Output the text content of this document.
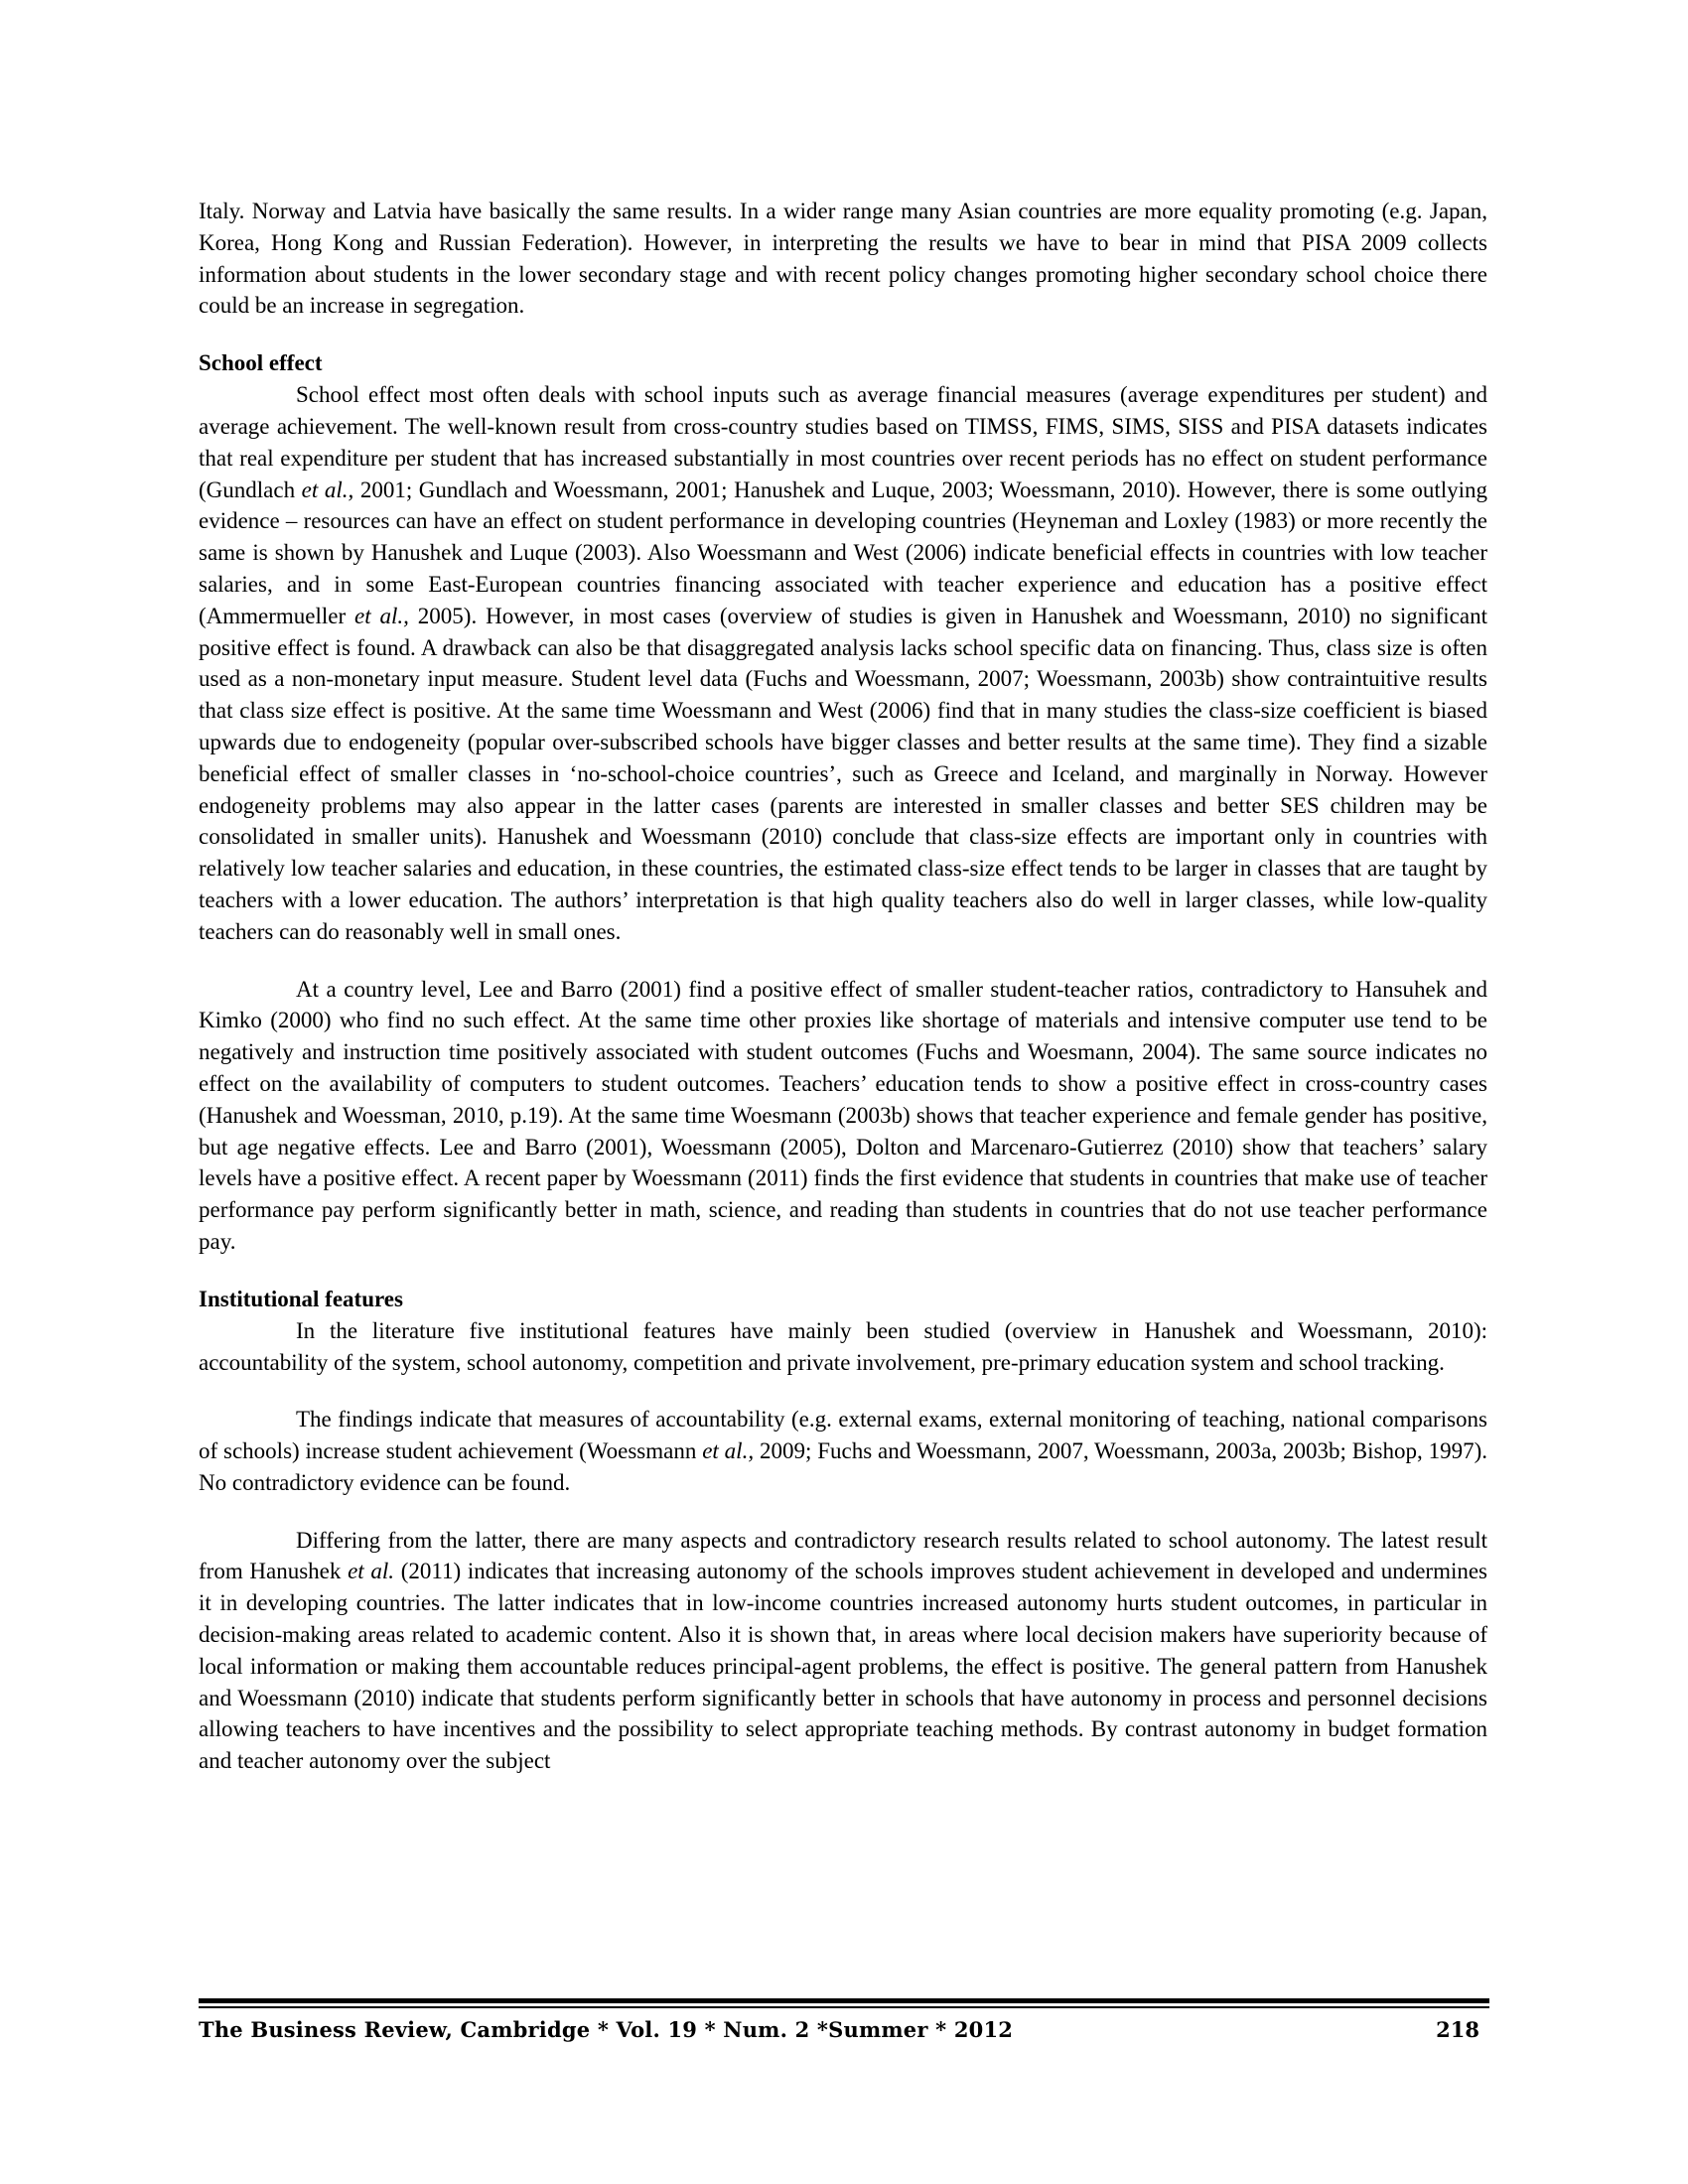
Italy. Norway and Latvia have basically the same results. In a wider range many Asian countries are more equality promoting (e.g. Japan, Korea, Hong Kong and Russian Federation). However, in interpreting the results we have to bear in mind that PISA 2009 collects information about students in the lower secondary stage and with recent policy changes promoting higher secondary school choice there could be an increase in segregation.

School effect

School effect most often deals with school inputs such as average financial measures (average expenditures per student) and average achievement. The well-known result from cross-country studies based on TIMSS, FIMS, SIMS, SISS and PISA datasets indicates that real expenditure per student that has increased substantially in most countries over recent periods has no effect on student performance (Gundlach et al., 2001; Gundlach and Woessmann, 2001; Hanushek and Luque, 2003; Woessmann, 2010). However, there is some outlying evidence – resources can have an effect on student performance in developing countries (Heyneman and Loxley (1983) or more recently the same is shown by Hanushek and Luque (2003). Also Woessmann and West (2006) indicate beneficial effects in countries with low teacher salaries, and in some East-European countries financing associated with teacher experience and education has a positive effect (Ammermueller et al., 2005). However, in most cases (overview of studies is given in Hanushek and Woessmann, 2010) no significant positive effect is found. A drawback can also be that disaggregated analysis lacks school specific data on financing. Thus, class size is often used as a non-monetary input measure. Student level data (Fuchs and Woessmann, 2007; Woessmann, 2003b) show contraintuitive results that class size effect is positive. At the same time Woessmann and West (2006) find that in many studies the class-size coefficient is biased upwards due to endogeneity (popular over-subscribed schools have bigger classes and better results at the same time). They find a sizable beneficial effect of smaller classes in ‘no-school-choice countries’, such as Greece and Iceland, and marginally in Norway. However endogeneity problems may also appear in the latter cases (parents are interested in smaller classes and better SES children may be consolidated in smaller units). Hanushek and Woessmann (2010) conclude that class-size effects are important only in countries with relatively low teacher salaries and education, in these countries, the estimated class-size effect tends to be larger in classes that are taught by teachers with a lower education. The authors’ interpretation is that high quality teachers also do well in larger classes, while low-quality teachers can do reasonably well in small ones.

At a country level, Lee and Barro (2001) find a positive effect of smaller student-teacher ratios, contradictory to Hansuhek and Kimko (2000) who find no such effect. At the same time other proxies like shortage of materials and intensive computer use tend to be negatively and instruction time positively associated with student outcomes (Fuchs and Woesmann, 2004). The same source indicates no effect on the availability of computers to student outcomes. Teachers’ education tends to show a positive effect in cross-country cases (Hanushek and Woessman, 2010, p.19). At the same time Woesmann (2003b) shows that teacher experience and female gender has positive, but age negative effects. Lee and Barro (2001), Woessmann (2005), Dolton and Marcenaro-Gutierrez (2010) show that teachers’ salary levels have a positive effect. A recent paper by Woessmann (2011) finds the first evidence that students in countries that make use of teacher performance pay perform significantly better in math, science, and reading than students in countries that do not use teacher performance pay.

Institutional features

In the literature five institutional features have mainly been studied (overview in Hanushek and Woessmann, 2010): accountability of the system, school autonomy, competition and private involvement, pre-primary education system and school tracking.

The findings indicate that measures of accountability (e.g. external exams, external monitoring of teaching, national comparisons of schools) increase student achievement (Woessmann et al., 2009; Fuchs and Woessmann, 2007, Woessmann, 2003a, 2003b; Bishop, 1997). No contradictory evidence can be found.

Differing from the latter, there are many aspects and contradictory research results related to school autonomy. The latest result from Hanushek et al. (2011) indicates that increasing autonomy of the schools improves student achievement in developed and undermines it in developing countries. The latter indicates that in low-income countries increased autonomy hurts student outcomes, in particular in decision-making areas related to academic content. Also it is shown that, in areas where local decision makers have superiority because of local information or making them accountable reduces principal-agent problems, the effect is positive. The general pattern from Hanushek and Woessmann (2010) indicate that students perform significantly better in schools that have autonomy in process and personnel decisions allowing teachers to have incentives and the possibility to select appropriate teaching methods. By contrast autonomy in budget formation and teacher autonomy over the subject

The Business Review, Cambridge * Vol. 19 * Num. 2 *Summer * 2012	218
